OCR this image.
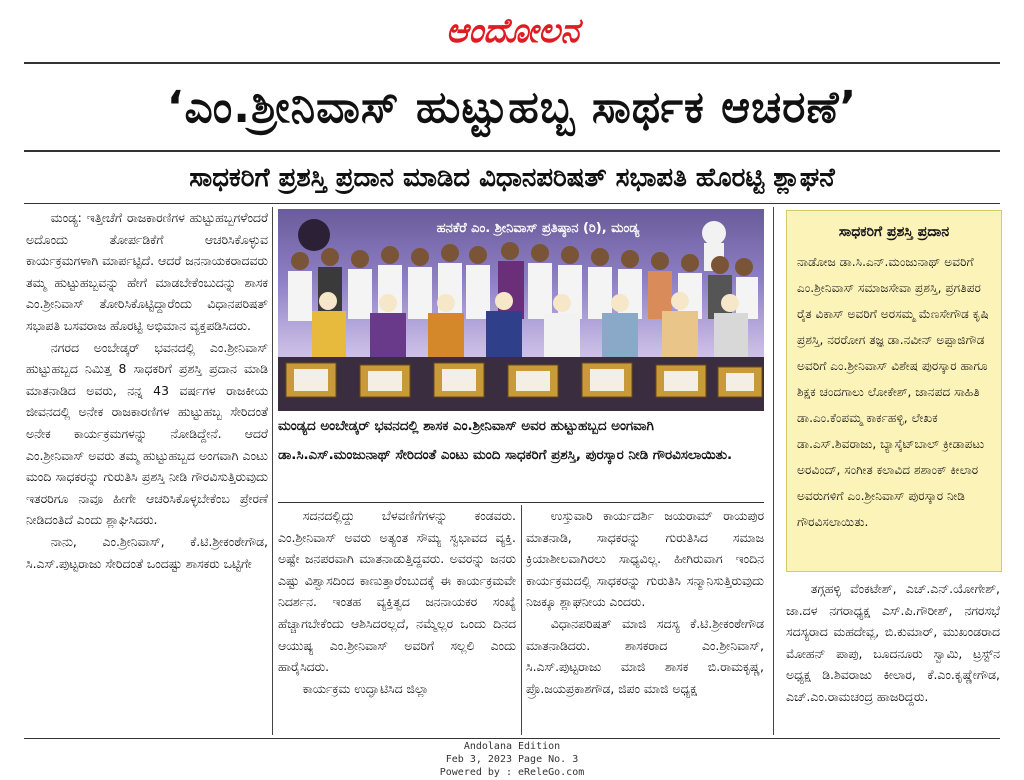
ಆಂದೋಲನ
‘ಎಂ.ಶ್ರೀನಿವಾಸ್ ಹುಟ್ಟುಹಬ್ಬ ಸಾರ್ಥಕ ಆಚರಣೆ’
ಸಾಧಕರಿಗೆ ಪ್ರಶಸ್ತಿ ಪ್ರದಾನ ಮಾಡಿದ ವಿಧಾನಪರಿಷತ್ ಸಭಾಪತಿ ಹೊರಟ್ಟಿ ಶ್ಲಾಘನೆ

ಮಂಡ್ಯ: ಇತ್ತೀಚೆಗೆ ರಾಜಕಾರಣಿಗಳ ಹುಟ್ಟುಹಬ್ಬಗಳೆಂದರೆ ಅದೊಂದು ತೋರ್ಪಡಿಕೆಗೆ ಆಚರಿಸಿಕೊಳ್ಳುವ ಕಾರ್ಯಕ್ರಮಗಳಾಗಿ ಮಾರ್ಪಟ್ಟಿದೆ. ಆದರೆ ಜನನಾಯಕರಾದವರು ತಮ್ಮ ಹುಟ್ಟುಹಬ್ಬವನ್ನು ಹೇಗೆ ಮಾಡಬೇಕೆಂಬುದನ್ನು ಶಾಸಕ ಎಂ.ಶ್ರೀನಿವಾಸ್ ತೋರಿಸಿಕೊಟ್ಟಿದ್ದಾರೆಂದು ವಿಧಾನಪರಿಷತ್ ಸಭಾಪತಿ ಬಸವರಾಜ ಹೊರಟ್ಟಿ ಅಭಿಮಾನ ವ್ಯಕ್ತಪಡಿಸಿದರು.

ನಗರದ ಅಂಬೇಡ್ಕರ್ ಭವನದಲ್ಲಿ ಎಂ.ಶ್ರೀನಿವಾಸ್ ಹುಟ್ಟುಹಬ್ಬದ ನಿಮಿತ್ತ 8 ಸಾಧಕರಿಗೆ ಪ್ರಶಸ್ತಿ ಪ್ರದಾನ ಮಾಡಿ ಮಾತನಾಡಿದ ಅವರು, ನನ್ನ 43 ವರ್ಷಗಳ ರಾಜಕೀಯ ಜೀವನದಲ್ಲಿ ಅನೇಕ ರಾಜಕಾರಣಿಗಳ ಹುಟ್ಟುಹಬ್ಬ ಸೇರಿದಂತೆ ಅನೇಕ ಕಾರ್ಯಕ್ರಮಗಳನ್ನು ನೋಡಿದ್ದೇನೆ. ಆದರೆ ಎಂ.ಶ್ರೀನಿವಾಸ್ ಅವರು ತಮ್ಮ ಹುಟ್ಟುಹಬ್ಬದ ಅಂಗವಾಗಿ ಎಂಟು ಮಂದಿ ಸಾಧಕರನ್ನು ಗುರುತಿಸಿ ಪ್ರಶಸ್ತಿ ನೀಡಿ ಗೌರವಿಸುತ್ತಿರುವುದು ಇತರರಿಗೂ ನಾವೂ ಹೀಗೇ ಆಚರಿಸಿಕೊಳ್ಳಬೇಕೆಂಬ ಪ್ರೇರಣೆ ನೀಡಿದಂತಿದೆ ಎಂದು ಶ್ಲಾಘಿಸಿದರು.

ನಾನು, ಎಂ.ಶ್ರೀನಿವಾಸ್, ಕೆ.ಟಿ.ಶ್ರೀಕಂಠೇಗೌಡ, ಸಿ.ಎಸ್.ಪುಟ್ಟರಾಜು ಸೇರಿದಂತೆ ಒಂದಷ್ಟು ಶಾಸಕರು ಒಟ್ಟಿಗೇ

ಹನಕೆರೆ ಎಂ. ಶ್ರೀನಿವಾಸ್ ಪ್ರತಿಷ್ಠಾನ (ರಿ), ಮಂಡ್ಯ
ಮಂಡ್ಯದ ಅಂಬೇಡ್ಕರ್ ಭವನದಲ್ಲಿ ಶಾಸಕ ಎಂ.ಶ್ರೀನಿವಾಸ್ ಅವರ ಹುಟ್ಟುಹಬ್ಬದ ಅಂಗವಾಗಿ ಡಾ.ಸಿ.ಎಸ್.ಮಂಜುನಾಥ್ ಸೇರಿದಂತೆ ಎಂಟು ಮಂದಿ ಸಾಧಕರಿಗೆ ಪ್ರಶಸ್ತಿ, ಪುರಸ್ಕಾರ ನೀಡಿ ಗೌರವಿಸಲಾಯಿತು.

ಸದನದಲ್ಲಿದ್ದು ಬೆಳವಣಿಗೆಗಳನ್ನು ಕಂಡವರು. ಎಂ.ಶ್ರೀನಿವಾಸ್ ಅವರು ಅತ್ಯಂತ ಸೌಮ್ಯ ಸ್ವಭಾವದ ವ್ಯಕ್ತಿ. ಅಷ್ಟೇ ಜನಪರವಾಗಿ ಮಾತನಾಡುತ್ತಿದ್ದವರು. ಅವರನ್ನು ಜನರು ಎಷ್ಟು ವಿಶ್ವಾಸದಿಂದ ಕಾಣುತ್ತಾರೆಂಬುದಕ್ಕೆ ಈ ಕಾರ್ಯಕ್ರಮವೇ ನಿದರ್ಶನ. ಇಂತಹ ವ್ಯಕ್ತಿತ್ವದ ಜನನಾಯಕರ ಸಂಖ್ಯೆ ಹೆಚ್ಚಾಗಬೇಕೆಂದು ಆಶಿಸಿದರಲ್ಲದೆ, ನಮ್ಮೆಲ್ಲರ ಒಂದು ದಿನದ ಆಯುಷ್ಯ ಎಂ.ಶ್ರೀನಿವಾಸ್ ಅವರಿಗೆ ಸಲ್ಲಲಿ ಎಂದು ಹಾರೈಸಿದರು.

ಕಾರ್ಯಕ್ರಮ ಉದ್ಘಾಟಿಸಿದ ಜಿಲ್ಲಾ

ಉಸ್ತುವಾರಿ ಕಾರ್ಯದರ್ಶಿ ಜಯರಾಮ್ ರಾಯಪುರ ಮಾತನಾಡಿ, ಸಾಧಕರನ್ನು ಗುರುತಿಸಿದ ಸಮಾಜ ಕ್ರಿಯಾಶೀಲವಾಗಿರಲು ಸಾಧ್ಯವಿಲ್ಲ. ಹೀಗಿರುವಾಗ ಇಂದಿನ ಕಾರ್ಯಕ್ರಮದಲ್ಲಿ ಸಾಧಕರನ್ನು ಗುರುತಿಸಿ ಸನ್ಮಾನಿಸುತ್ತಿರುವುದು ನಿಜಕ್ಕೂ ಶ್ಲಾಘನೀಯ ಎಂದರು.

ವಿಧಾನಪರಿಷತ್ ಮಾಜಿ ಸದಸ್ಯ ಕೆ.ಟಿ.ಶ್ರೀಕಂಠೇಗೌಡ ಮಾತನಾಡಿದರು. ಶಾಸಕರಾದ ಎಂ.ಶ್ರೀನಿವಾಸ್, ಸಿ.ಎಸ್.ಪುಟ್ಟರಾಜು ಮಾಜಿ ಶಾಸಕ ಬಿ.ರಾಮಕೃಷ್ಣ, ಪ್ರೊ.ಜಯಪ್ರಕಾಶಗೌಡ, ಜಿಪಂ ಮಾಜಿ ಅಧ್ಯಕ್ಷ

ಸಾಧಕರಿಗೆ ಪ್ರಶಸ್ತಿ ಪ್ರದಾನ
ನಾಡೋಜ ಡಾ.ಸಿ.ಎನ್.ಮಂಜುನಾಥ್ ಅವರಿಗೆ ಎಂ.ಶ್ರೀನಿವಾಸ್ ಸಮಾಜಸೇವಾ ಪ್ರಶಸ್ತಿ, ಪ್ರಗತಿಪರ ರೈತ ವಿಕಾಸ್ ಅವರಿಗೆ ಅರಸಮ್ಮ ಮೆಣಸೇಗೌಡ ಕೃಷಿ ಪ್ರಶಸ್ತಿ, ನರರೋಗ ತಜ್ಞ ಡಾ.ನವೀನ್ ಅಪ್ಪಾಜಿಗೌಡ ಅವರಿಗೆ ಎಂ.ಶ್ರೀನಿವಾಸ್ ವಿಶೇಷ ಪುರಸ್ಕಾರ ಹಾಗೂ ಶಿಕ್ಷಕ ಚಂದಗಾಲು ಲೋಕೇಶ್, ಜಾನಪದ ಸಾಹಿತಿ ಡಾ.ಎಂ.ಕೆಂಪಮ್ಮ ಕಾರ್ಕಹಳ್ಳಿ, ಲೇಖಕ ಡಾ.ಎಸ್.ಶಿವರಾಜು, ಬ್ಯಾಸ್ಕೆಟ್‌ಬಾಲ್ ಕ್ರೀಡಾಪಟು ಅರವಿಂದ್, ಸಂಗೀತ ಕಲಾವಿದ ಶಶಾಂಕ್ ಕೀಲಾರ ಅವರುಗಳಿಗೆ ಎಂ.ಶ್ರೀನಿವಾಸ್ ಪುರಸ್ಕಾರ ನೀಡಿ ಗೌರವಿಸಲಾಯಿತು.

ತಗ್ಗಹಳ್ಳಿ ವೆಂಕಟೇಶ್, ಎಚ್.ಎನ್.ಯೋಗೇಶ್, ಜಾ.ದಳ ನಗರಾಧ್ಯಕ್ಷ ಎಸ್.ಪಿ.ಗೌರೀಶ್, ನಗರಸಭೆ ಸದಸ್ಯರಾದ ಮಹದೇವ್ಲ, ಬಿ.ಕುಮಾರ್, ಮುಖಂಡರಾದ ಮೋಹನ್ ಪಾಪು, ಬೂದನೂರು ಸ್ವಾಮಿ, ಟ್ರಸ್ಟ್‌ನ ಅಧ್ಯಕ್ಷ ಡಿ.ಶಿವರಾಜು ಕೀಲಾರ, ಕೆ.ಎಂ.ಕೃಷ್ಣೇಗೌಡ, ಎಚ್.ಎಂ.ರಾಮಚಂದ್ರ ಹಾಜರಿದ್ದರು.

Andolana Edition
Feb 3, 2023 Page No. 3
Powered by : eReleGo.com
